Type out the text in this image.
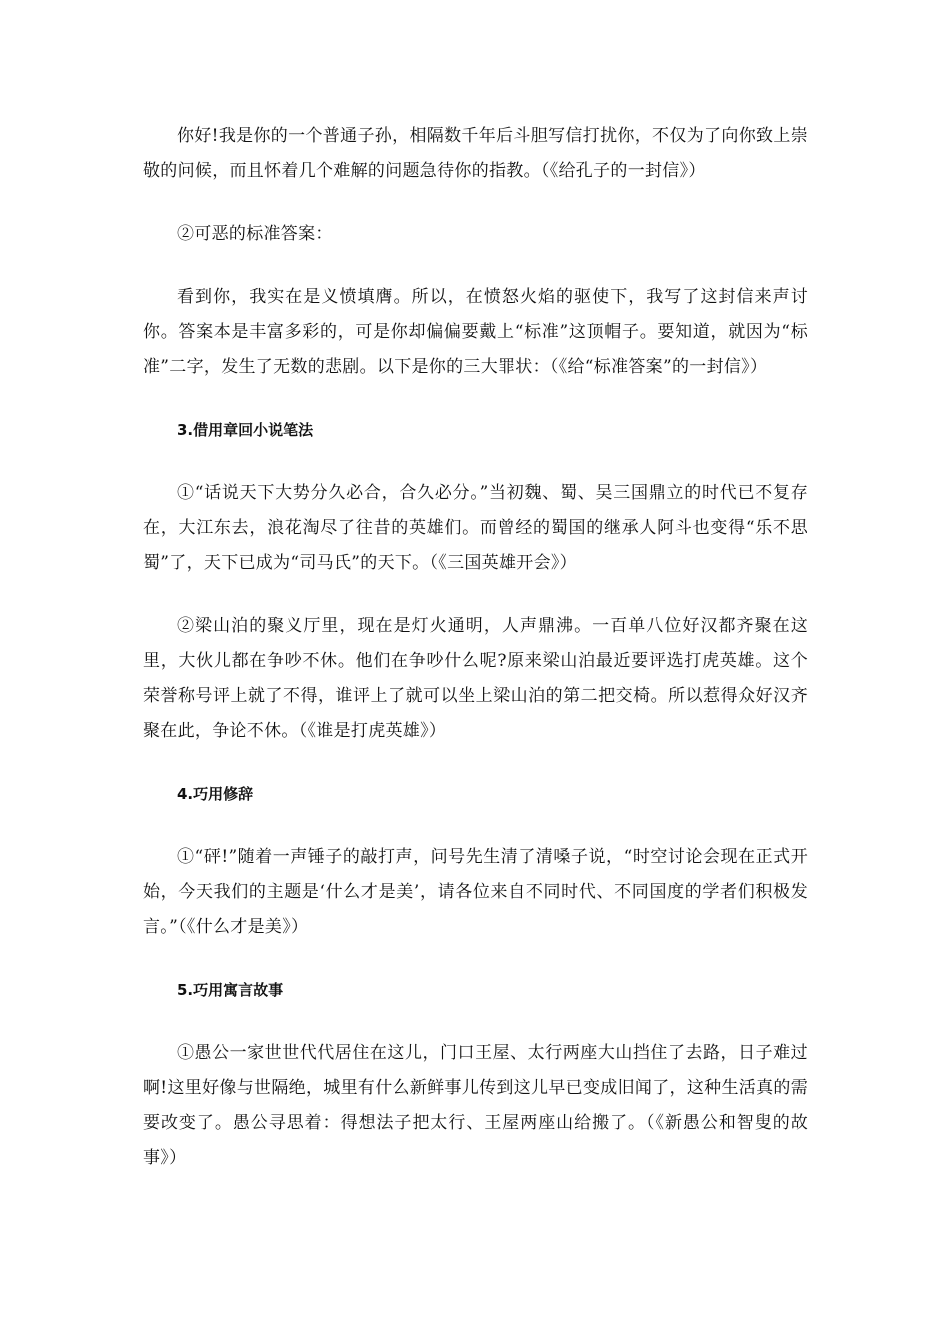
你好!我是你的一个普通子孙，相隔数千年后斗胆写信打扰你，不仅为了向你致上崇敬的问候，而且怀着几个难解的问题急待你的指教。（《给孔子的一封信》）

②可恶的标准答案：

看到你，我实在是义愤填膺。所以，在愤怒火焰的驱使下，我写了这封信来声讨你。答案本是丰富多彩的，可是你却偏偏要戴上“标准”这顶帽子。要知道，就因为“标准”二字，发生了无数的悲剧。以下是你的三大罪状：（《给“标准答案”的一封信》）

3.借用章回小说笔法

①“话说天下大势分久必合，合久必分。”当初魏、蜀、吴三国鼎立的时代已不复存在，大江东去，浪花淘尽了往昔的英雄们。而曾经的蜀国的继承人阿斗也变得“乐不思蜀”了，天下已成为“司马氏”的天下。（《三国英雄开会》）

②梁山泊的聚义厅里，现在是灯火通明，人声鼎沸。一百单八位好汉都齐聚在这里，大伙儿都在争吵不休。他们在争吵什么呢?原来梁山泊最近要评选打虎英雄。这个荣誉称号评上就了不得，谁评上了就可以坐上梁山泊的第二把交椅。所以惹得众好汉齐聚在此，争论不休。（《谁是打虎英雄》）

4.巧用修辞

①“砰!”随着一声锤子的敲打声，问号先生清了清嗓子说，“时空讨论会现在正式开始，今天我们的主题是‘什么才是美’，请各位来自不同时代、不同国度的学者们积极发言。”（《什么才是美》）

5.巧用寓言故事

①愚公一家世世代代居住在这儿，门口王屋、太行两座大山挡住了去路，日子难过啊!这里好像与世隔绝，城里有什么新鲜事儿传到这儿早已变成旧闻了，这种生活真的需要改变了。愚公寻思着：得想法子把太行、王屋两座山给搬了。（《新愚公和智叟的故事》）
